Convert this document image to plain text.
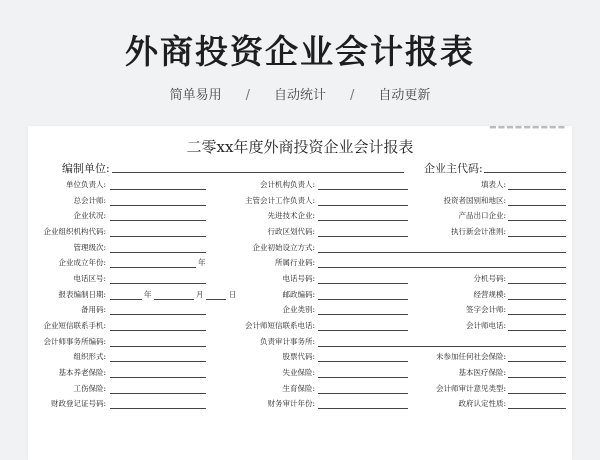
外商投资企业会计报表
简单易用 / 自动统计 / 自动更新
▬▬▬▬▬▬▬▬▬
二零xx年度外商投资企业会计报表
编制单位:	企业主代码:
单位负责人:	会计机构负责人:	填表人:
总会计师:	主管会计工作负责人:	投资者国别和地区:
企业状况:	先进技术企业:	产品出口企业:
企业组织机构代码:	行政区划代码:	执行新会计准则:
管理级次:	企业初始设立方式:
企业成立年份:	年	所属行业码:
电话区号:	电话号码:	分机号码:
报表编制日期:	年	月	日	邮政编码:	经营规模:
备用码:	企业类别:	签字会计师:
企业短信联系手机:	会计师短信联系电话:	会计师电话:
会计师事务所编码:	负责审计事务所:
组织形式:	股票代码:	未参加任何社会保险:
基本养老保险:	失业保险:	基本医疗保险:
工伤保险:	生育保险:	会计师审计意见类型:
财政登记证号码:	财务审计年份:	政府认定性质:
